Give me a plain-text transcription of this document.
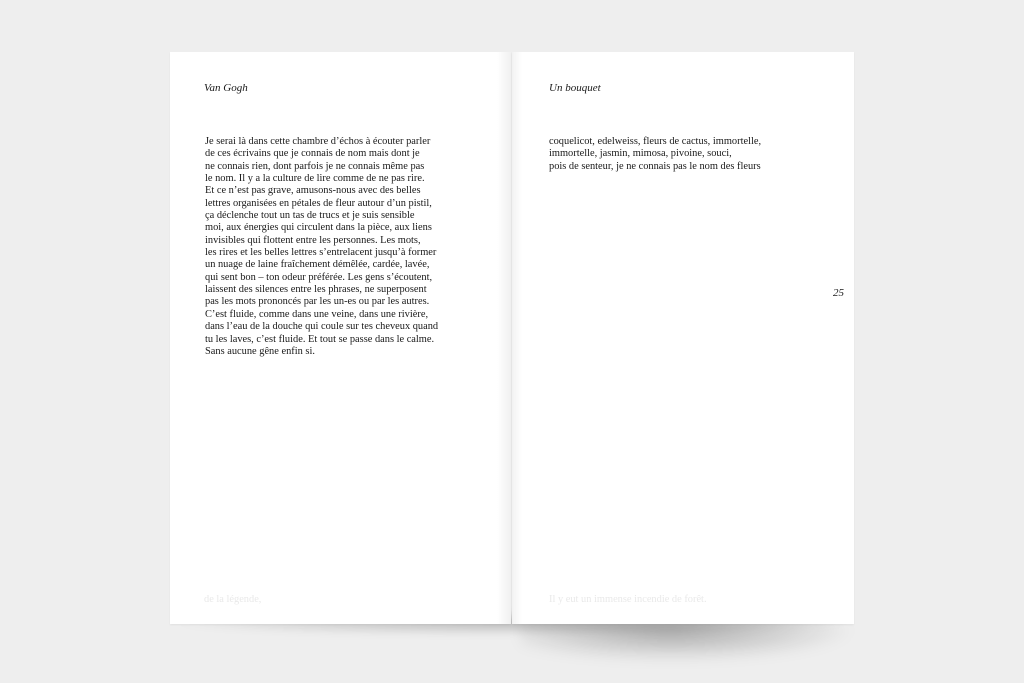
Van Gogh

Je serai là dans cette chambre d’échos à écouter parler
de ces écrivains que je connais de nom mais dont je
ne connais rien, dont parfois je ne connais même pas
le nom. Il y a la culture de lire comme de ne pas rire.
Et ce n’est pas grave, amusons-nous avec des belles
lettres organisées en pétales de fleur autour d’un pistil,
ça déclenche tout un tas de trucs et je suis sensible
moi, aux énergies qui circulent dans la pièce, aux liens
invisibles qui flottent entre les personnes. Les mots,
les rires et les belles lettres s’entrelacent jusqu’à former
un nuage de laine fraîchement démêlée, cardée, lavée,
qui sent bon – ton odeur préférée. Les gens s’écoutent,
laissent des silences entre les phrases, ne superposent
pas les mots prononcés par les un-es ou par les autres.
C’est fluide, comme dans une veine, dans une rivière,
dans l’eau de la douche qui coule sur tes cheveux quand
tu les laves, c’est fluide. Et tout se passe dans le calme.
Sans aucune gêne enfin si.

de la légende,
Un bouquet

coquelicot, edelweiss, fleurs de cactus, immortelle,
immortelle, jasmin, mimosa, pivoine, souci,
pois de senteur, je ne connais pas le nom des fleurs

25
Il y eut un immense incendie de forêt.
